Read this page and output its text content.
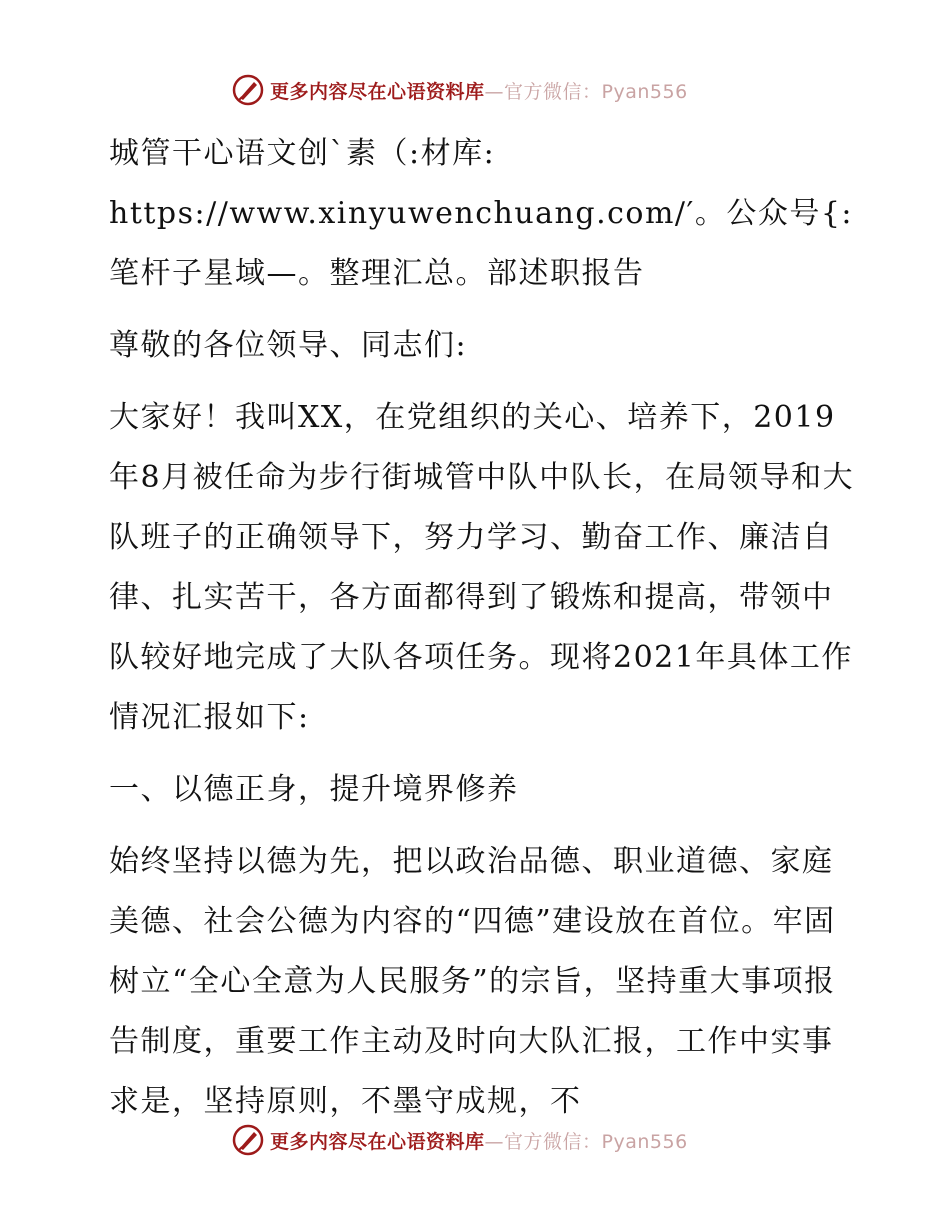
更多内容尽在心语资料库—官方微信：Pyan556

城管干心语文创`素（:材库: https://www.xinyuwenchuang.com/′。公众号{: 笔杆子星域—。整理汇总。部述职报告

尊敬的各位领导、同志们:

大家好！我叫XX，在党组织的关心、培养下，2019年8月被任命为步行街城管中队中队长，在局领导和大队班子的正确领导下，努力学习、勤奋工作、廉洁自律、扎实苦干，各方面都得到了锻炼和提高，带领中队较好地完成了大队各项任务。现将2021年具体工作情况汇报如下:

一、以德正身，提升境界修养

始终坚持以德为先，把以政治品德、职业道德、家庭美德、社会公德为内容的“四德”建设放在首位。牢固树立“全心全意为人民服务”的宗旨，坚持重大事项报告制度，重要工作主动及时向大队汇报，工作中实事求是，坚持原则，不墨守成规，不

更多内容尽在心语资料库—官方微信：Pyan556
